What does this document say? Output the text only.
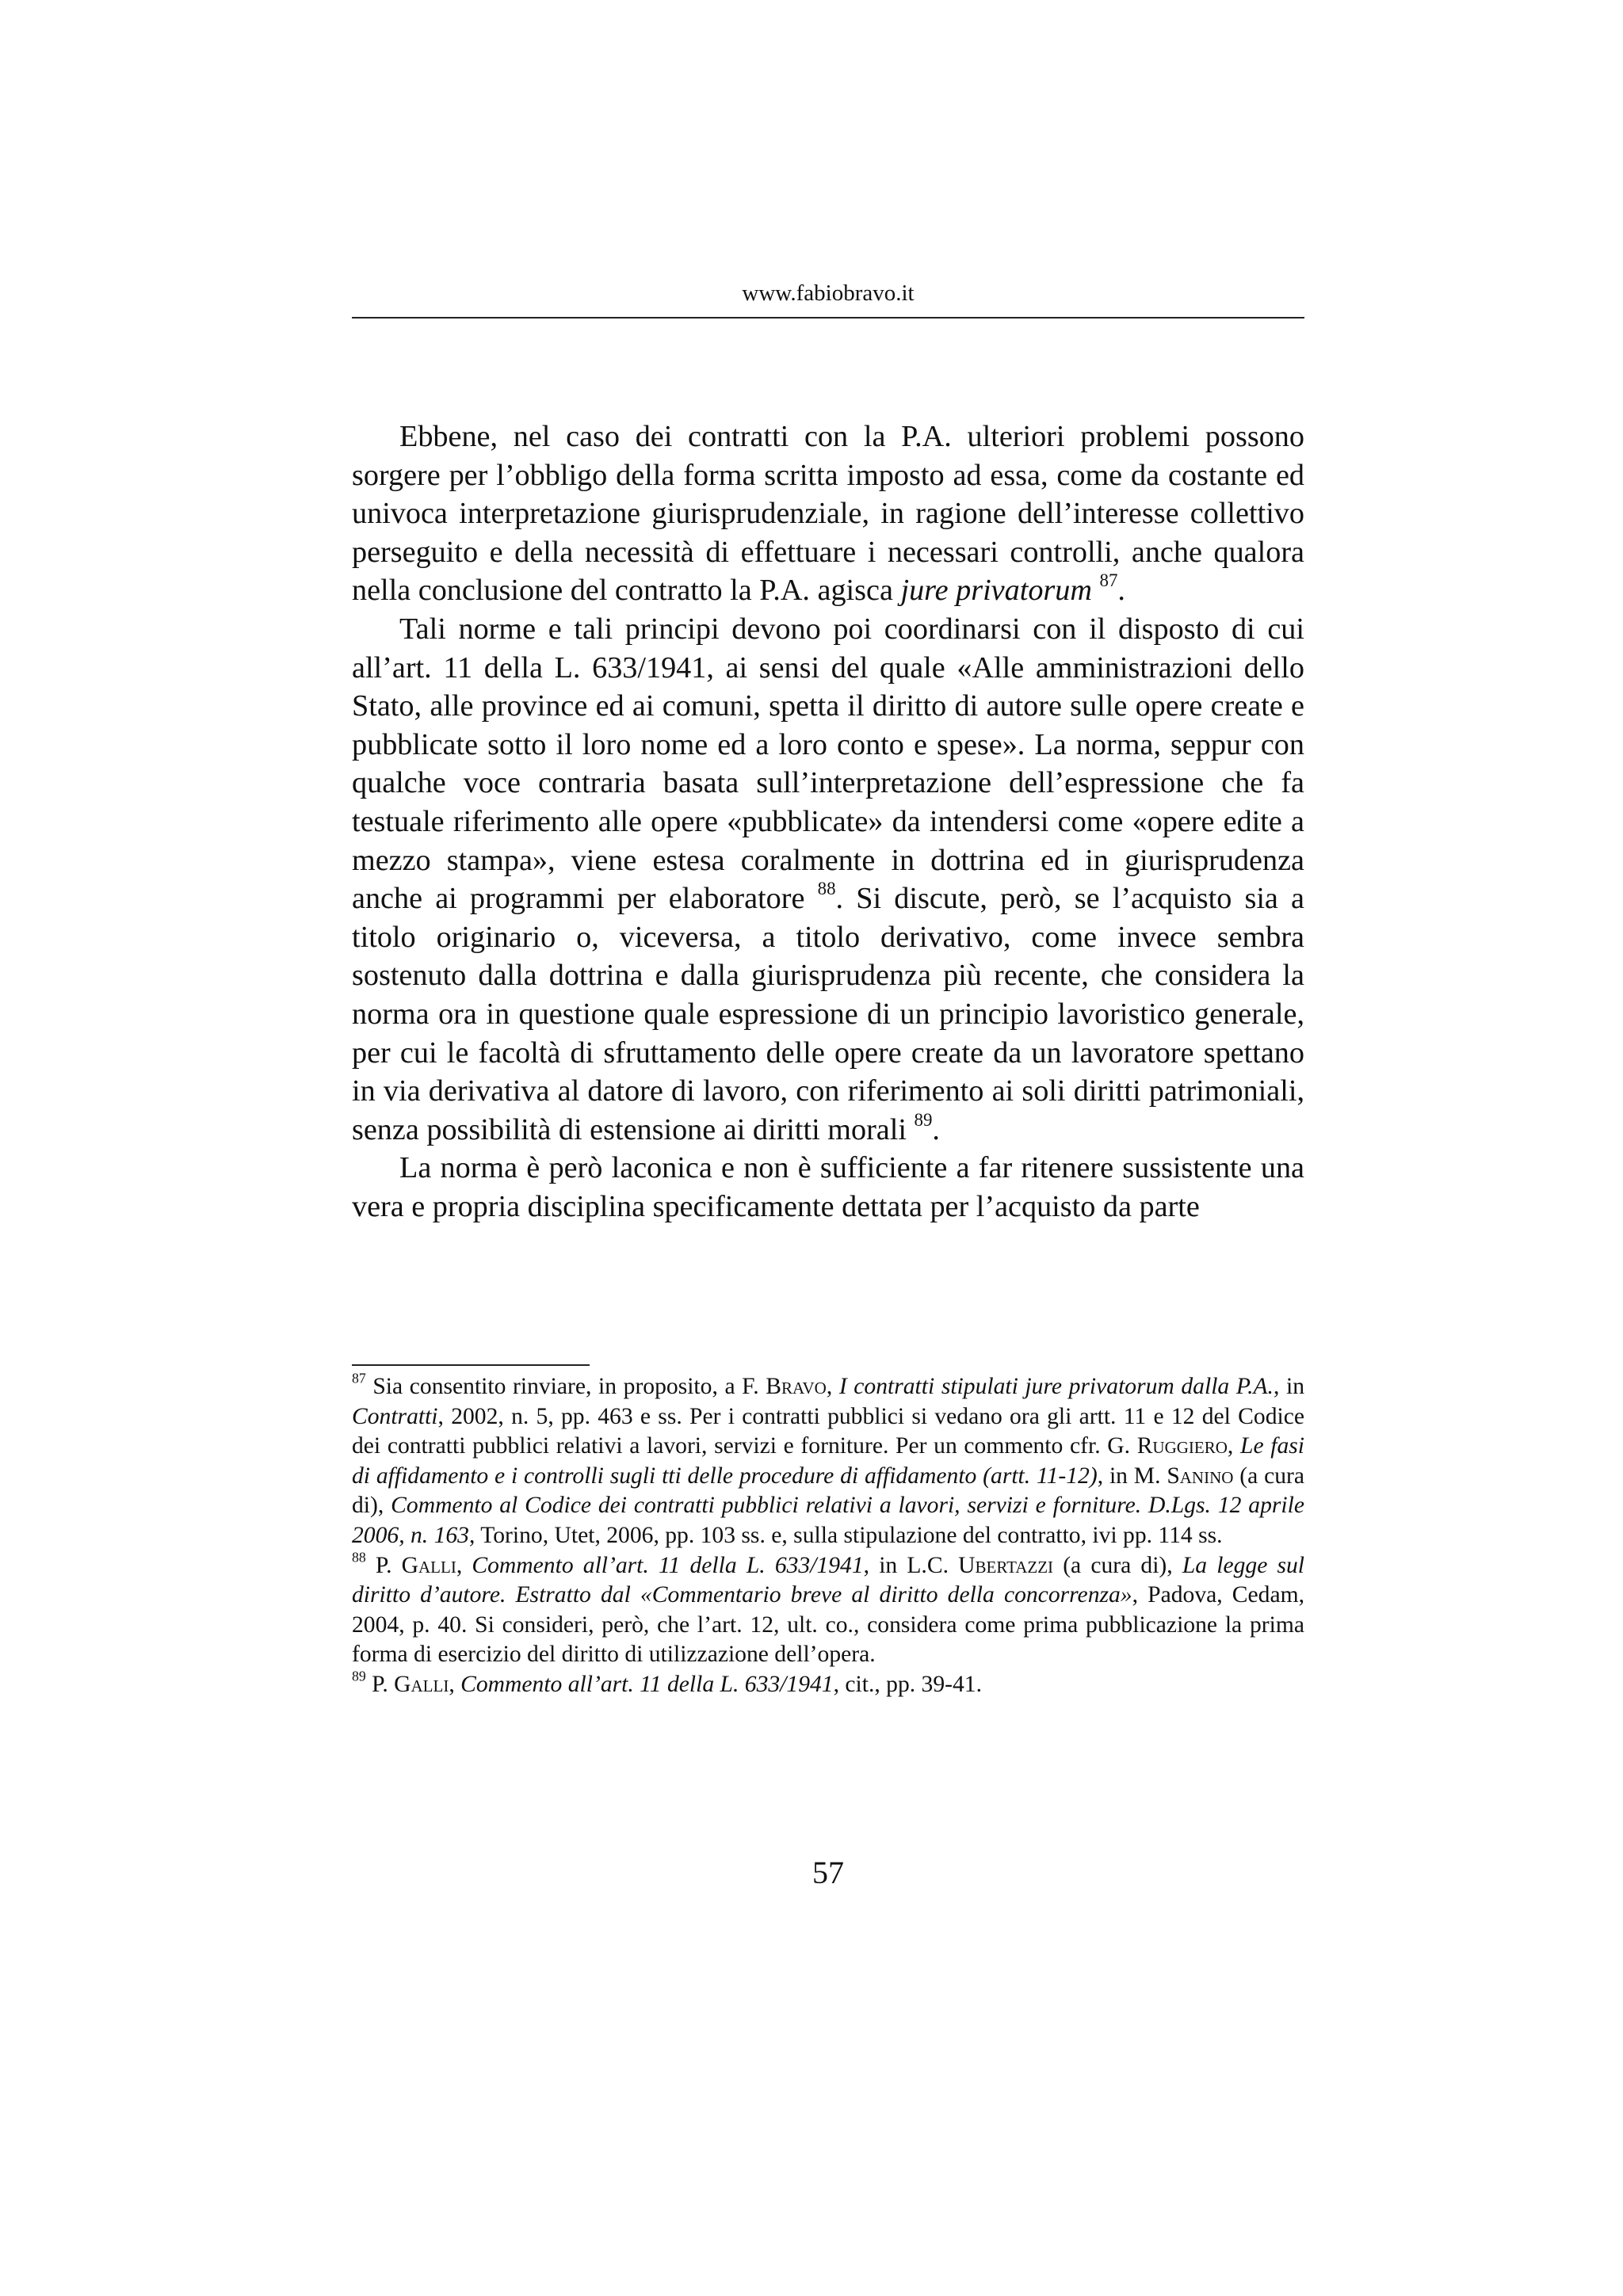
www.fabiobravo.it

Ebbene, nel caso dei contratti con la P.A. ulteriori problemi possono sorgere per l’obbligo della forma scritta imposto ad essa, come da costante ed univoca interpretazione giurisprudenziale, in ragione dell’interesse collettivo perseguito e della necessità di effettuare i necessari controlli, anche qualora nella conclusione del contratto la P.A. agisca jure privatorum $^{87}$.

Tali norme e tali principi devono poi coordinarsi con il disposto di cui all’art. 11 della L. 633/1941, ai sensi del quale «Alle amministrazioni dello Stato, alle province ed ai comuni, spetta il diritto di autore sulle opere create e pubblicate sotto il loro nome ed a loro conto e spese». La norma, seppur con qualche voce contraria basata sull’interpretazione dell’espressione che fa testuale riferimento alle opere «pubblicate» da intendersi come «opere edite a mezzo stampa», viene estesa coralmente in dottrina ed in giurisprudenza anche ai programmi per elaboratore $^{88}$. Si discute, però, se l’acquisto sia a titolo originario o, viceversa, a titolo derivativo, come invece sembra sostenuto dalla dottrina e dalla giurisprudenza più recente, che considera la norma ora in questione quale espressione di un principio lavoristico generale, per cui le facoltà di sfruttamento delle opere create da un lavoratore spettano in via derivativa al datore di lavoro, con riferimento ai soli diritti patrimoniali, senza possibilità di estensione ai diritti morali $^{89}$.

La norma è però laconica e non è sufficiente a far ritenere sussistente una vera e propria disciplina specificamente dettata per l’acquisto da parte

$^{87}$ Sia consentito rinviare, in proposito, a F. Bravo, I contratti stipulati jure privatorum dalla P.A., in Contratti, 2002, n. 5, pp. 463 e ss. Per i contratti pubblici si vedano ora gli artt. 11 e 12 del Codice dei contratti pubblici relativi a lavori, servizi e forniture. Per un commento cfr. G. Ruggiero, Le fasi di affidamento e i controlli sugli tti delle procedure di affidamento (artt. 11-12), in M. Sanino (a cura di), Commento al Codice dei contratti pubblici relativi a lavori, servizi e forniture. D.Lgs. 12 aprile 2006, n. 163, Torino, Utet, 2006, pp. 103 ss. e, sulla stipulazione del contratto, ivi pp. 114 ss.

$^{88}$ P. Galli, Commento all’art. 11 della L. 633/1941, in L.C. Ubertazzi (a cura di), La legge sul diritto d’autore. Estratto dal «Commentario breve al diritto della concorrenza», Padova, Cedam, 2004, p. 40. Si consideri, però, che l’art. 12, ult. co., considera come prima pubblicazione la prima forma di esercizio del diritto di utilizzazione dell’opera.

$^{89}$ P. Galli, Commento all’art. 11 della L. 633/1941, cit., pp. 39-41.

57
